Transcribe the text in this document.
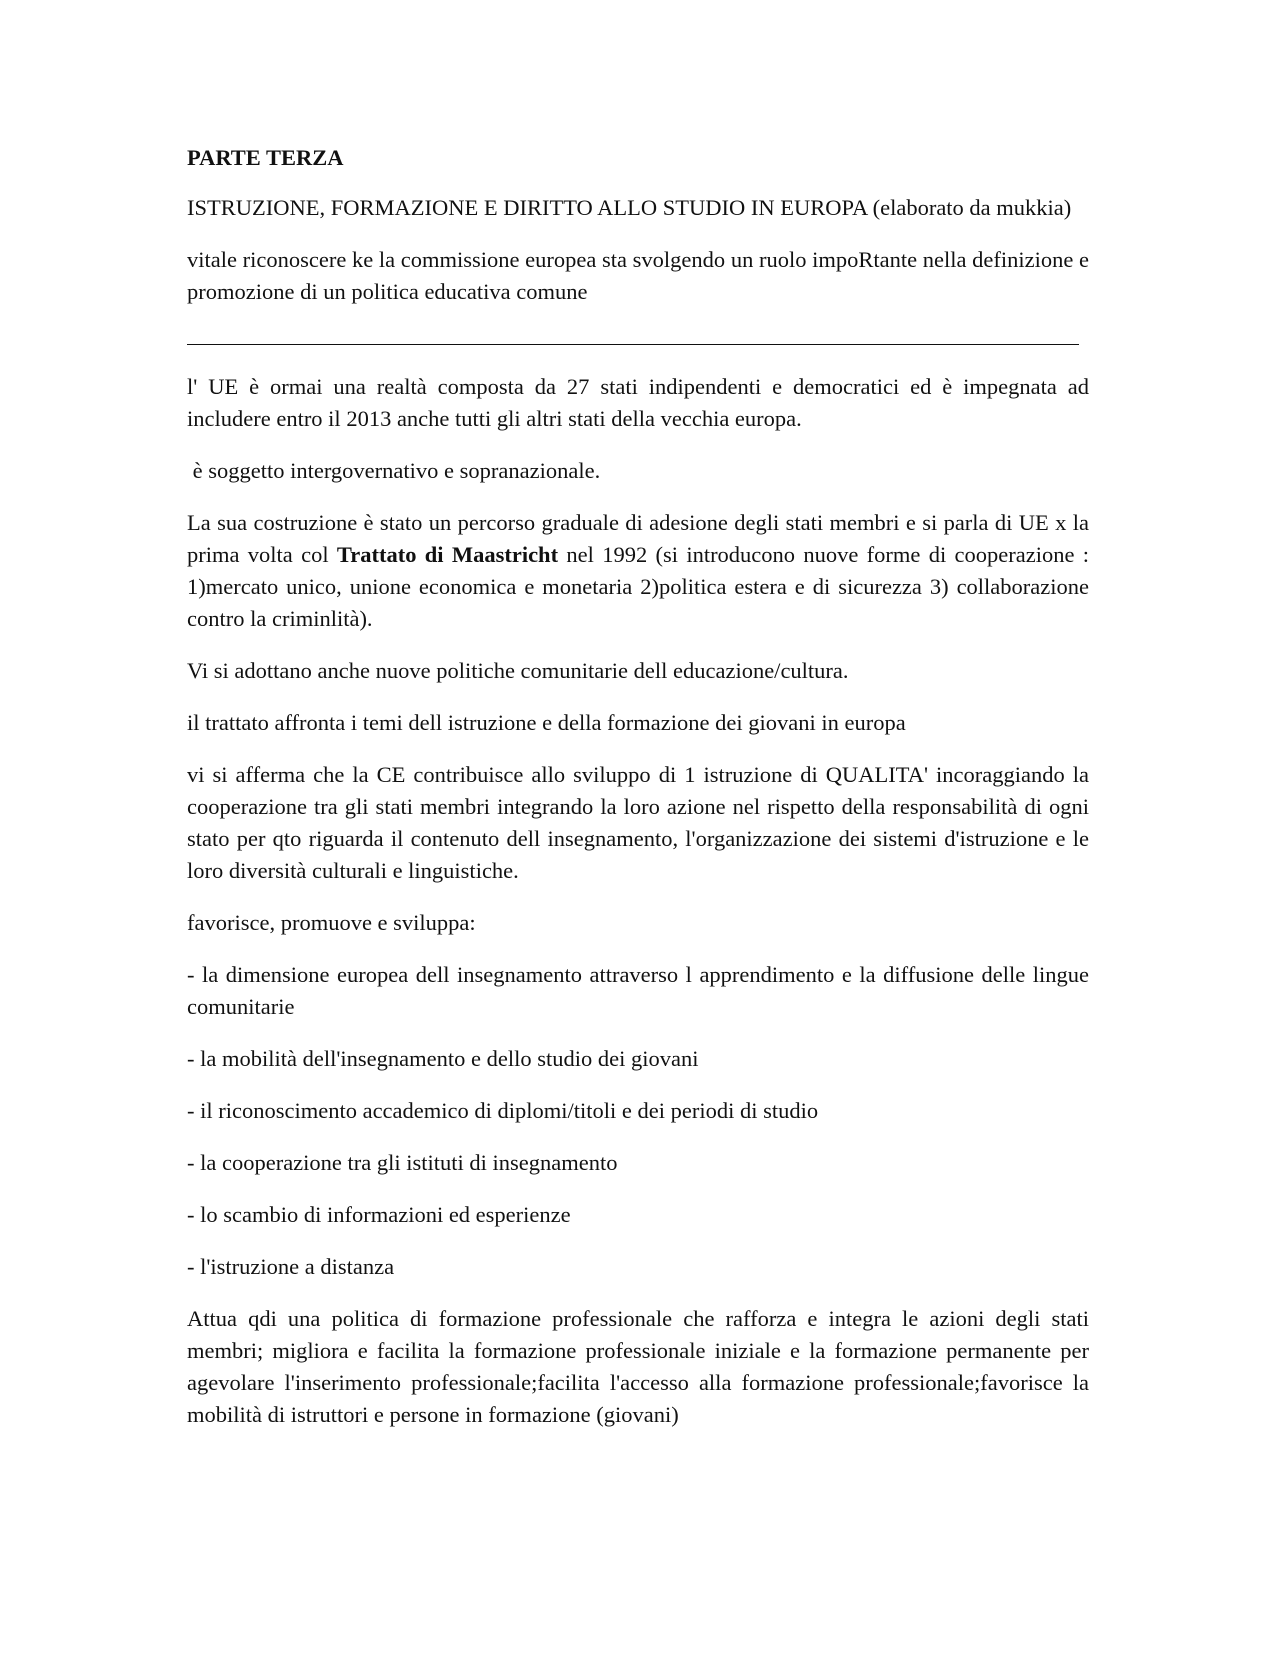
PARTE TERZA

ISTRUZIONE, FORMAZIONE E DIRITTO ALLO STUDIO IN EUROPA (elaborato da mukkia)

vitale riconoscere ke la commissione europea sta svolgendo un ruolo impoRtante nella definizione e promozione di un politica educativa comune

l' UE è ormai una realtà composta da 27 stati indipendenti e democratici ed è impegnata ad includere entro il 2013 anche tutti gli altri stati della vecchia europa.

è soggetto intergovernativo e sopranazionale.

La sua costruzione è stato un percorso graduale di adesione degli stati membri e si parla di UE x la prima volta col Trattato di Maastricht nel 1992 (si introducono nuove forme di cooperazione : 1)mercato unico, unione economica e monetaria 2)politica estera e di sicurezza 3) collaborazione contro la criminlità).

Vi si adottano anche nuove politiche comunitarie dell educazione/cultura.

il trattato affronta i temi dell istruzione e della formazione dei giovani in europa

vi si afferma che la CE contribuisce allo sviluppo di 1 istruzione di QUALITA' incoraggiando la cooperazione tra gli stati membri integrando la loro azione nel rispetto della responsabilità di ogni stato per qto riguarda il contenuto dell insegnamento, l'organizzazione dei sistemi d'istruzione e le loro diversità culturali e linguistiche.

favorisce, promuove e sviluppa:

- la dimensione europea dell insegnamento attraverso l apprendimento e la diffusione delle lingue comunitarie

- la mobilità dell'insegnamento e dello studio dei giovani

- il riconoscimento accademico di diplomi/titoli e dei periodi di studio

- la cooperazione tra gli istituti di insegnamento

- lo scambio di informazioni ed esperienze

- l'istruzione a distanza

Attua qdi una politica di formazione professionale che rafforza e integra le azioni degli stati membri; migliora e facilita la formazione professionale iniziale e la formazione permanente per agevolare l'inserimento professionale;facilita l'accesso alla formazione professionale;favorisce la mobilità di istruttori e persone in formazione (giovani)
